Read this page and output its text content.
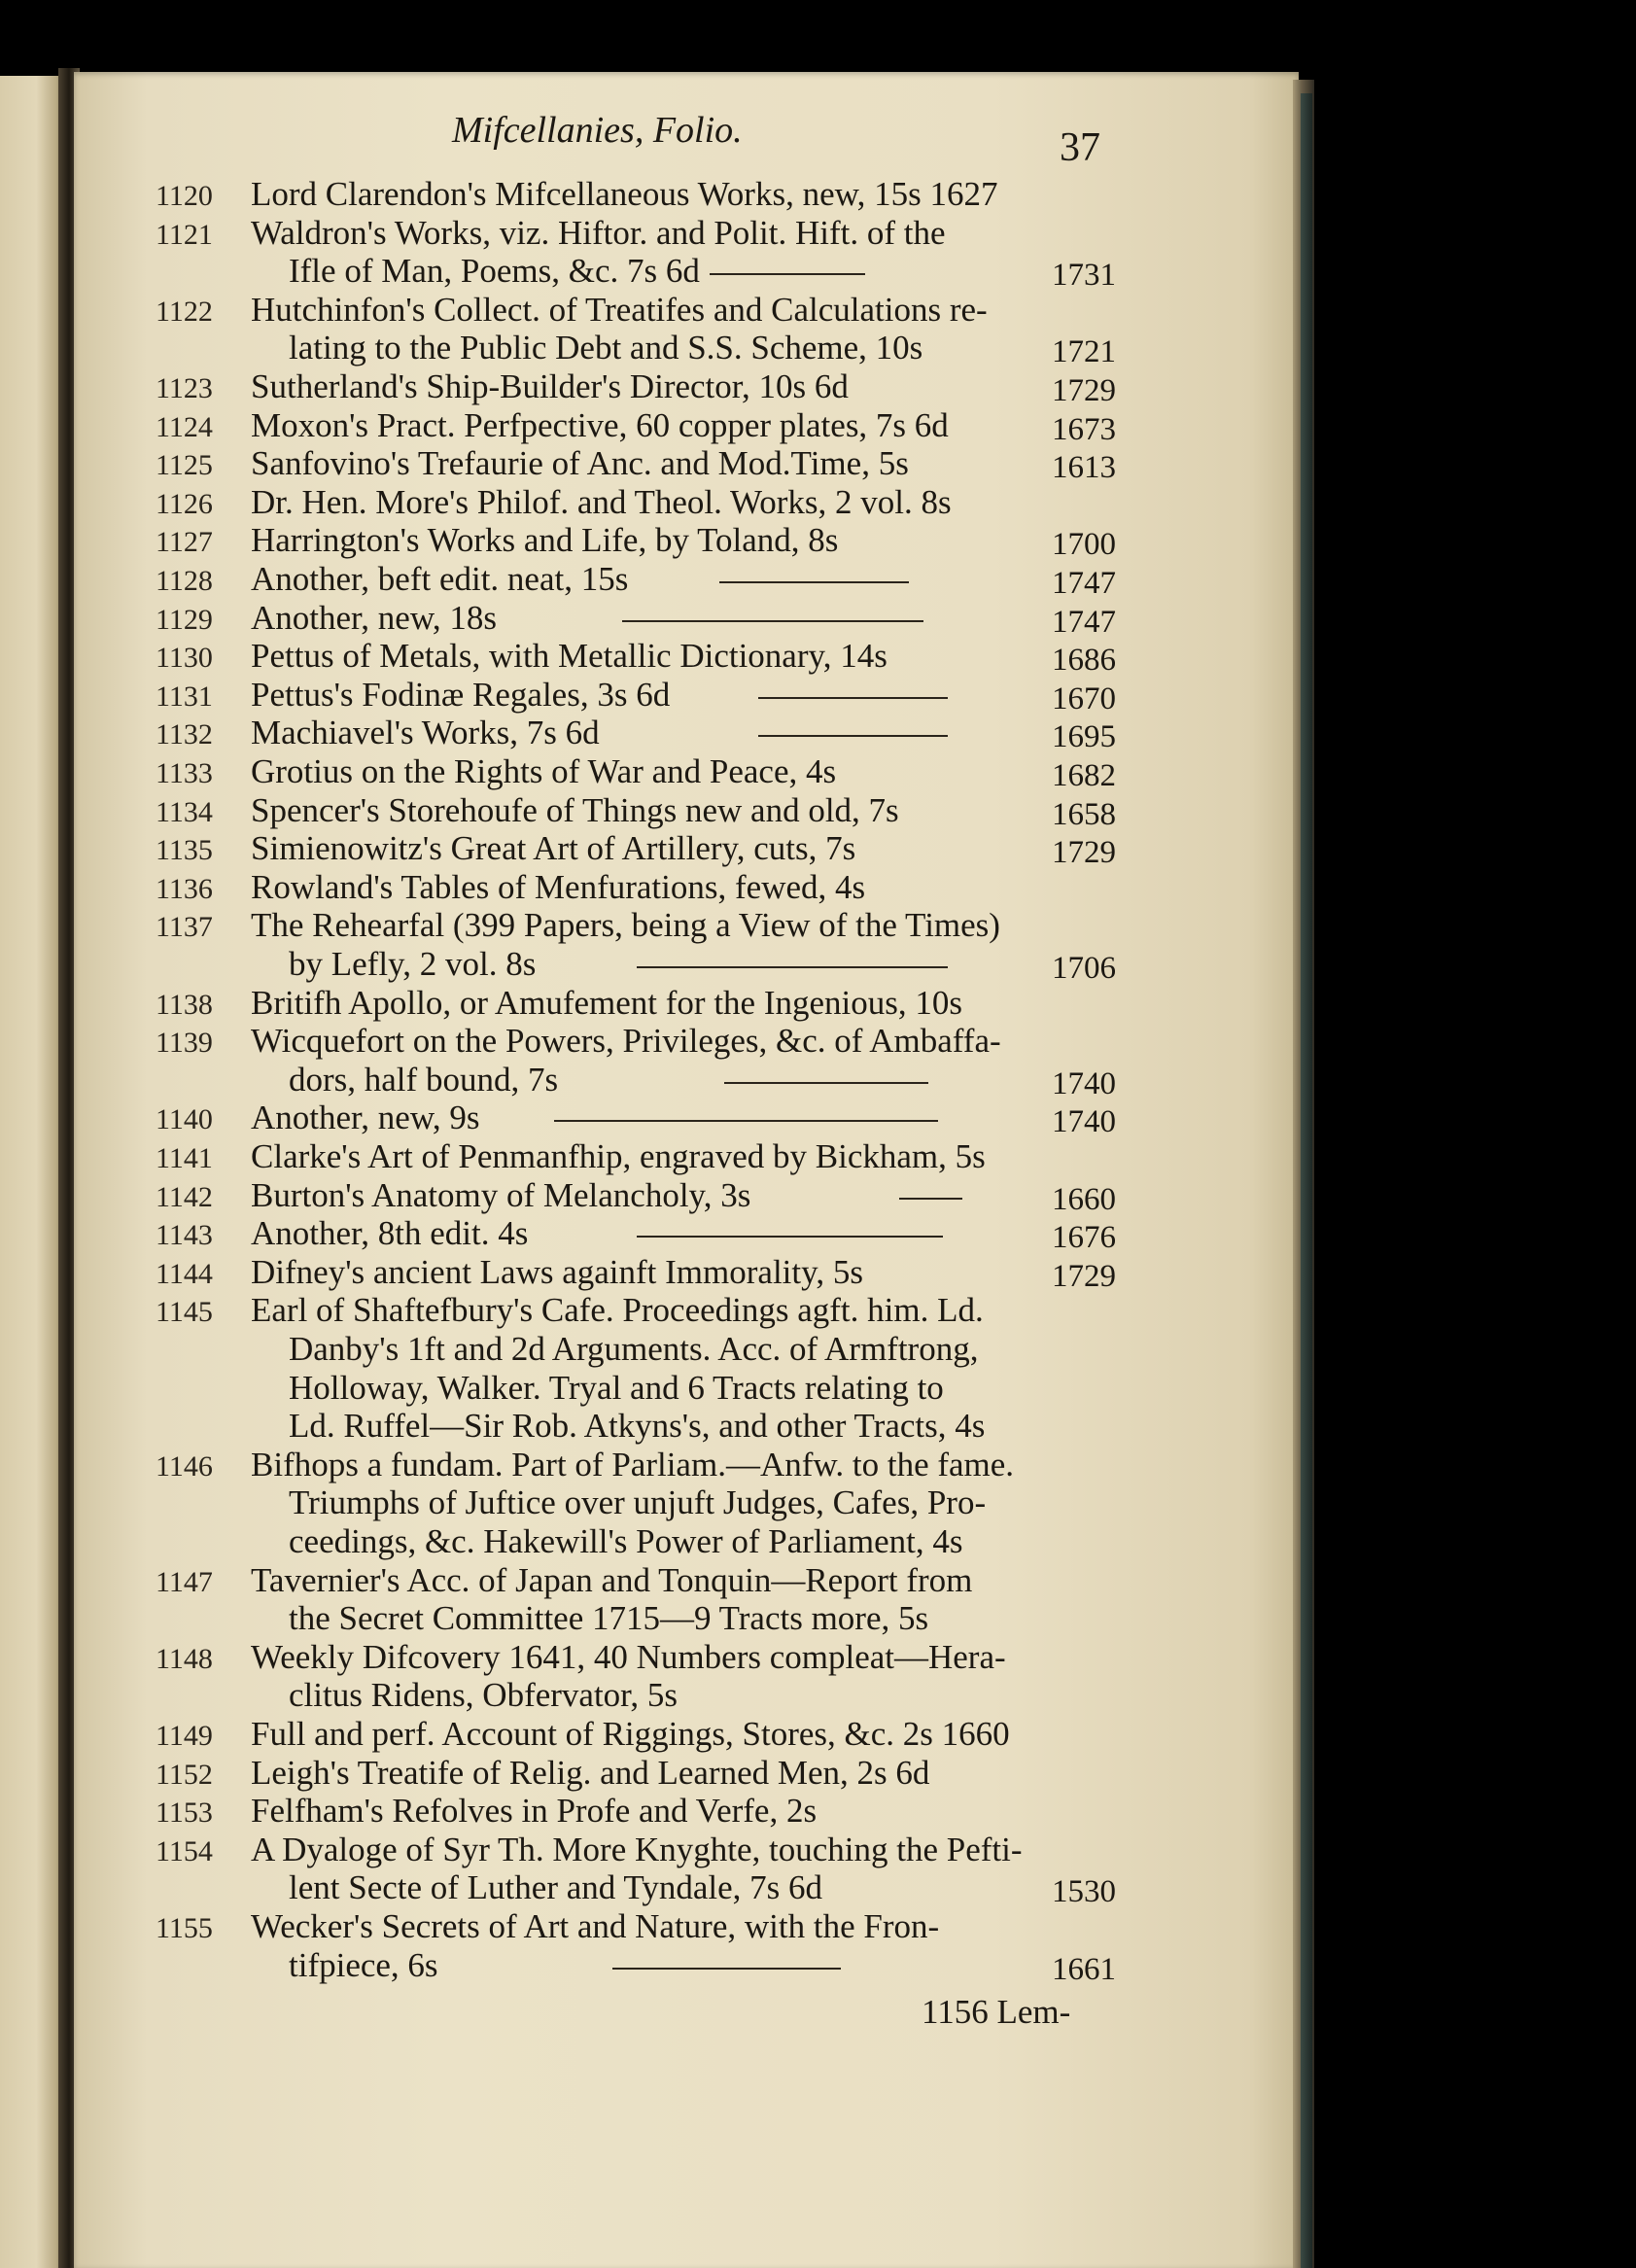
Mifcellanies, Folio.	37
1120 Lord Clarendon's Mifcellaneous Works, new, 15s 1627
1121 Waldron's Works, viz. Hiftor. and Polit. Hift. of the
Ifle of Man, Poems, &c. 7s 6d	1731
1122 Hutchinfon's Collect. of Treatifes and Calculations re-
lating to the Public Debt and S.S. Scheme, 10s	1721
1123 Sutherland's Ship-Builder's Director, 10s 6d	1729
1124 Moxon's Pract. Perfpective, 60 copper plates, 7s 6d	1673
1125 Sanfovino's Trefaurie of Anc. and Mod.Time, 5s	1613
1126 Dr. Hen. More's Philof. and Theol. Works, 2 vol. 8s
1127 Harrington's Works and Life, by Toland, 8s	1700
1128 Another, beft edit. neat, 15s	1747
1129 Another, new, 18s	1747
1130 Pettus of Metals, with Metallic Dictionary, 14s	1686
1131 Pettus's Fodinæ Regales, 3s 6d	1670
1132 Machiavel's Works, 7s 6d	1695
1133 Grotius on the Rights of War and Peace, 4s	1682
1134 Spencer's Storehoufe of Things new and old, 7s	1658
1135 Simienowitz's Great Art of Artillery, cuts, 7s	1729
1136 Rowland's Tables of Menfurations, fewed, 4s
1137 The Rehearfal (399 Papers, being a View of the Times)
by Lefly, 2 vol. 8s	1706
1138 Britifh Apollo, or Amufement for the Ingenious, 10s
1139 Wicquefort on the Powers, Privileges, &c. of Ambaffa-
dors, half bound, 7s	1740
1140 Another, new, 9s	1740
1141 Clarke's Art of Penmanfhip, engraved by Bickham, 5s
1142 Burton's Anatomy of Melancholy, 3s	1660
1143 Another, 8th edit. 4s	1676
1144 Difney's ancient Laws againft Immorality, 5s	1729
1145 Earl of Shaftefbury's Cafe. Proceedings agft. him. Ld.
Danby's 1ft and 2d Arguments. Acc. of Armftrong,
Holloway, Walker. Tryal and 6 Tracts relating to
Ld. Ruffel—Sir Rob. Atkyns's, and other Tracts, 4s
1146 Bifhops a fundam. Part of Parliam.—Anfw. to the fame.
Triumphs of Juftice over unjuft Judges, Cafes, Pro-
ceedings, &c. Hakewill's Power of Parliament, 4s
1147 Tavernier's Acc. of Japan and Tonquin—Report from
the Secret Committee 1715—9 Tracts more, 5s
1148 Weekly Difcovery 1641, 40 Numbers compleat—Hera-
clitus Ridens, Obfervator, 5s
1149 Full and perf. Account of Riggings, Stores, &c. 2s 1660
1152 Leigh's Treatife of Relig. and Learned Men, 2s 6d
1153 Felfham's Refolves in Profe and Verfe, 2s
1154 A Dyaloge of Syr Th. More Knyghte, touching the Pefti-
lent Secte of Luther and Tyndale, 7s 6d	1530
1155 Wecker's Secrets of Art and Nature, with the Fron-
tifpiece, 6s	1661
1156 Lem-
